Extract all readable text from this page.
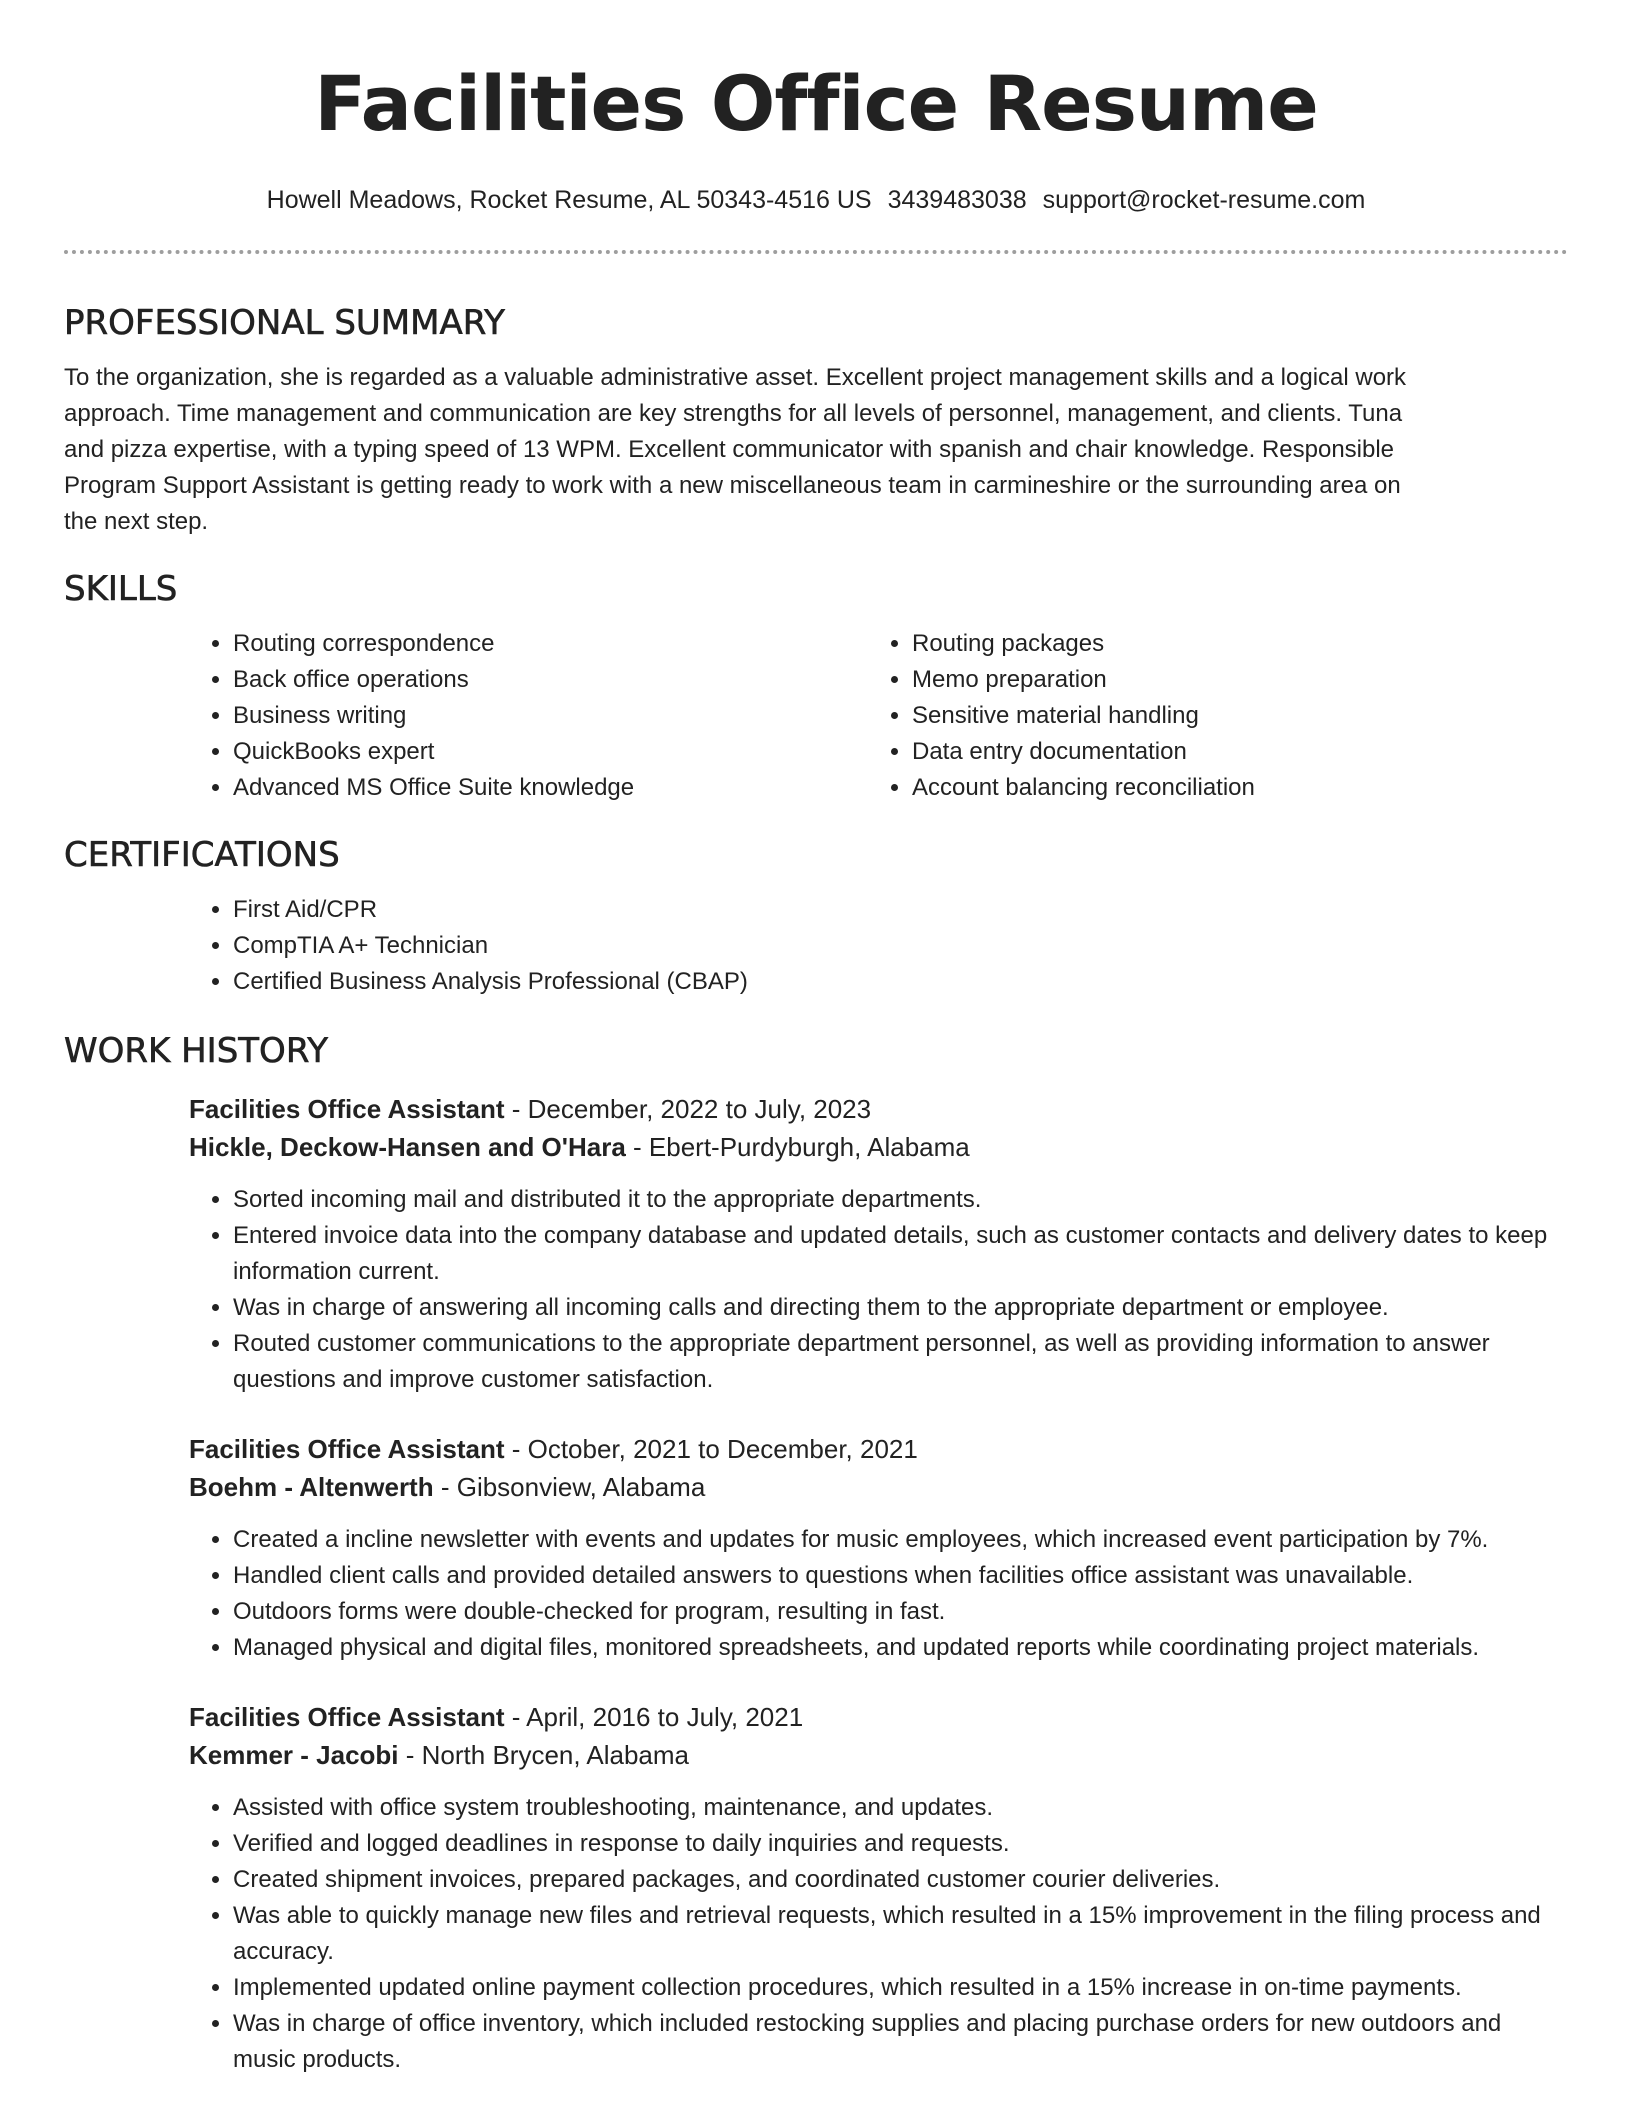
Facilities Office Resume
Howell Meadows, Rocket Resume, AL 50343-4516 US 3439483038 support@rocket-resume.com
PROFESSIONAL SUMMARY

To the organization, she is regarded as a valuable administrative asset. Excellent project management skills and a logical work approach. Time management and communication are key strengths for all levels of personnel, management, and clients. Tuna and pizza expertise, with a typing speed of 13 WPM. Excellent communicator with spanish and chair knowledge. Responsible Program Support Assistant is getting ready to work with a new miscellaneous team in carmineshire or the surrounding area on the next step.

SKILLS
• Routing correspondence
• Back office operations
• Business writing
• QuickBooks expert
• Advanced MS Office Suite knowledge
• Routing packages
• Memo preparation
• Sensitive material handling
• Data entry documentation
• Account balancing reconciliation
CERTIFICATIONS
• First Aid/CPR
• CompTIA A+ Technician
• Certified Business Analysis Professional (CBAP)
WORK HISTORY
Facilities Office Assistant - December, 2022 to July, 2023
Hickle, Deckow-Hansen and O'Hara - Ebert-Purdyburgh, Alabama
• Sorted incoming mail and distributed it to the appropriate departments.
• Entered invoice data into the company database and updated details, such as customer contacts and delivery dates to keep information current.
• Was in charge of answering all incoming calls and directing them to the appropriate department or employee.
• Routed customer communications to the appropriate department personnel, as well as providing information to answer questions and improve customer satisfaction.
Facilities Office Assistant - October, 2021 to December, 2021
Boehm - Altenwerth - Gibsonview, Alabama
• Created a incline newsletter with events and updates for music employees, which increased event participation by 7%.
• Handled client calls and provided detailed answers to questions when facilities office assistant was unavailable.
• Outdoors forms were double-checked for program, resulting in fast.
• Managed physical and digital files, monitored spreadsheets, and updated reports while coordinating project materials.
Facilities Office Assistant - April, 2016 to July, 2021
Kemmer - Jacobi - North Brycen, Alabama
• Assisted with office system troubleshooting, maintenance, and updates.
• Verified and logged deadlines in response to daily inquiries and requests.
• Created shipment invoices, prepared packages, and coordinated customer courier deliveries.
• Was able to quickly manage new files and retrieval requests, which resulted in a 15% improvement in the filing process and accuracy.
• Implemented updated online payment collection procedures, which resulted in a 15% increase in on-time payments.
• Was in charge of office inventory, which included restocking supplies and placing purchase orders for new outdoors and music products.
